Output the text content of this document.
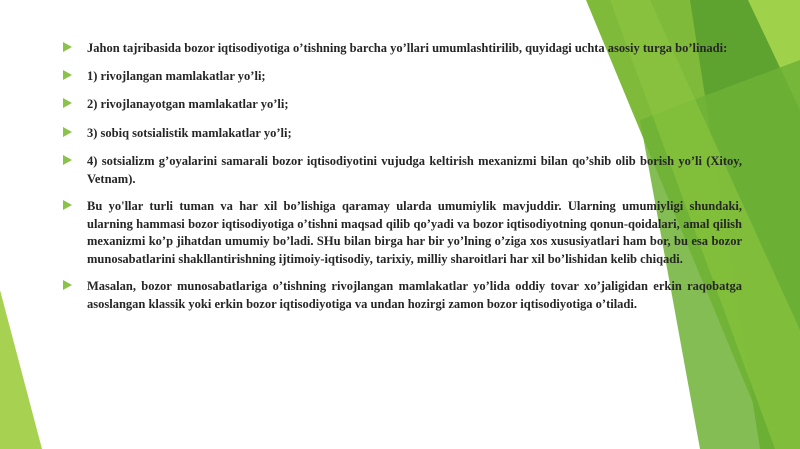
Jahon tajribasida bozor iqtisodiyotiga o’tishning barcha yo’llari umumlashtirilib, quyidagi uchta asosiy turga bo’linadi:
1) rivojlangan mamlakatlar yo’li;
2) rivojlanayotgan mamlakatlar yo’li;
3) sobiq sotsialistik mamlakatlar yo’li;
4) sotsializm g’oyalarini samarali bozor iqtisodiyotini vujudga keltirish mexanizmi bilan qo’shib olib borish yo’li (Xitoy, Vetnam).
Bu yo'llar turli tuman va har xil bo’lishiga qaramay ularda umumiylik mavjuddir. Ularning umumiyligi shundaki, ularning hammasi bozor iqtisodiyotiga o’tishni maqsad qilib qo’yadi va bozor iqtisodiyotning qonun-qoidalari, amal qilish mexanizmi ko’p jihatdan umumiy bo’ladi. SHu bilan birga har bir yo’lning o’ziga xos xususiyatlari ham bor, bu esa bozor munosabatlarini shakllantirishning ijtimoiy-iqtisodiy, tarixiy, milliy sharoitlari har xil bo’lishidan kelib chiqadi.
Masalan, bozor munosabatlariga o’tishning rivojlangan mamlakatlar yo’lida oddiy tovar xo’jaligidan erkin raqobatga asoslangan klassik yoki erkin bozor iqtisodiyotiga va undan hozirgi zamon bozor iqtisodiyotiga o’tiladi.
